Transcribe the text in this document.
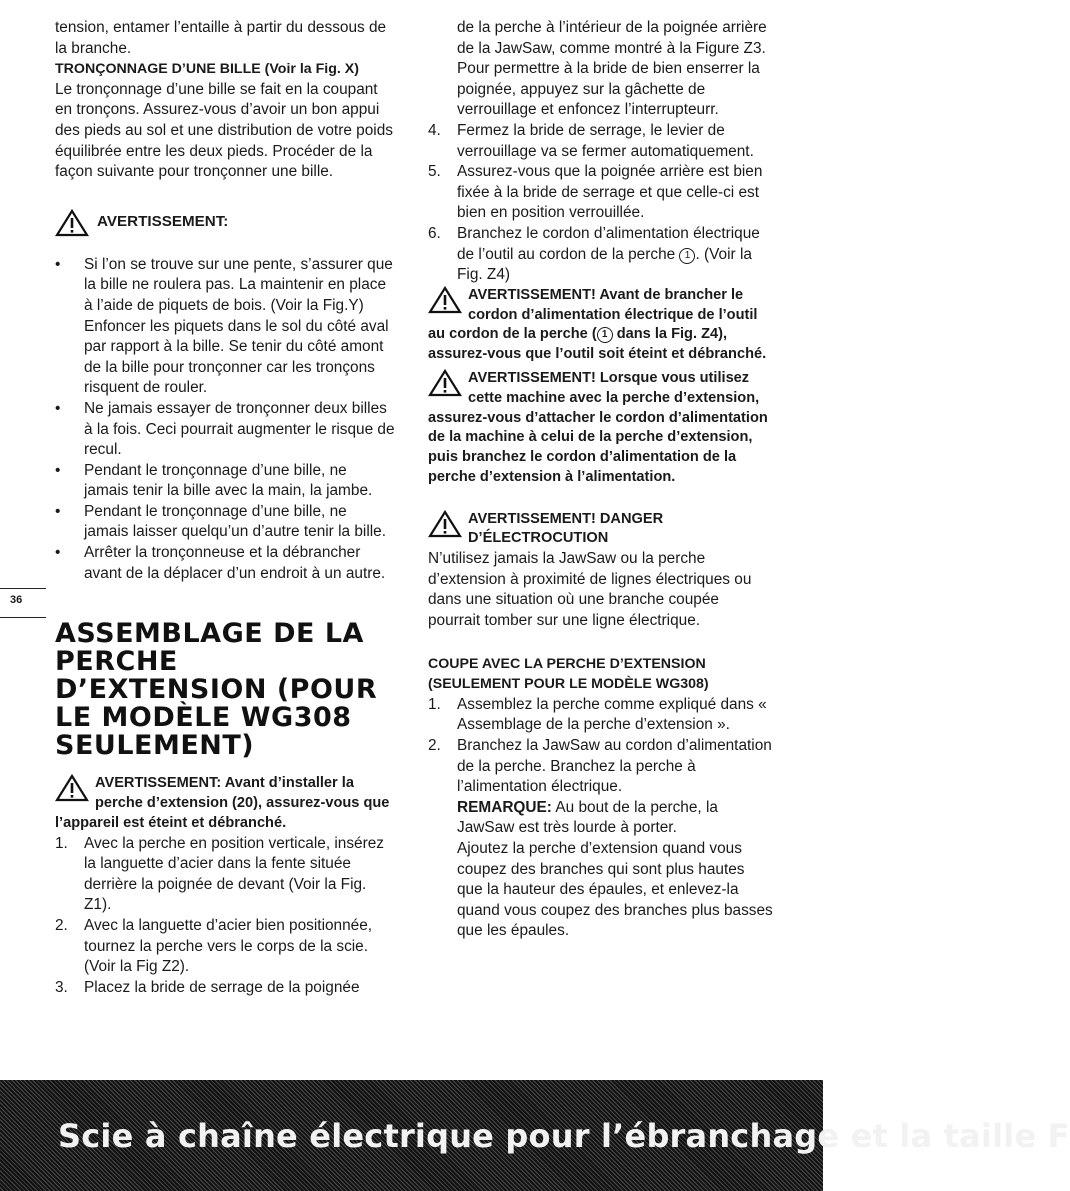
tension, entamer l’entaille à partir du dessous de la branche.

TRONÇONNAGE D’UNE BILLE (Voir la Fig. X)

Le tronçonnage d’une bille se fait en la coupant en tronçons. Assurez-vous d’avoir un bon appui des pieds au sol et une distribution de votre poids équilibrée entre les deux pieds. Procéder de la façon suivante pour tronçonner une bille.

AVERTISSEMENT:
• Si l’on se trouve sur une pente, s’assurer que la bille ne roulera pas. La maintenir en place à l’aide de piquets de bois. (Voir la Fig.Y)

Enfoncer les piquets dans le sol du côté aval par rapport à la bille. Se tenir du côté amont de la bille pour tronçonner car les tronçons risquent de rouler.

• Ne jamais essayer de tronçonner deux billes à la fois. Ceci pourrait augmenter le risque de recul.
• Pendant le tronçonnage d’une bille, ne jamais tenir la bille avec la main, la jambe.
• Pendant le tronçonnage d’une bille, ne jamais laisser quelqu’un d’autre tenir la bille.
• Arrêter la tronçonneuse et la débrancher avant de la déplacer d’un endroit à un autre.
ASSEMBLAGE DE LA PERCHE D’EXTENSION (POUR LE MODÈLE WG308 SEULEMENT)
AVERTISSEMENT: Avant d’installer la perche d’extension (20), assurez-vous que l’appareil est éteint et débranché.
1. Avec la perche en position verticale, insérez la languette d’acier dans la fente située derrière la poignée de devant (Voir la Fig. Z1).
2. Avec la languette d’acier bien positionnée, tournez la perche vers le corps de la scie. (Voir la Fig Z2).
3. Placez la bride de serrage de la poignée
36

de la perche à l’intérieur de la poignée arrière de la JawSaw, comme montré à la Figure Z3. Pour permettre à la bride de bien enserrer la poignée, appuyez sur la gâchette de verrouillage et enfoncez l’interrupteurr.

4. Fermez la bride de serrage, le levier de verrouillage va se fermer automatiquement.
5. Assurez-vous que la poignée arrière est bien fixée à la bride de serrage et que celle-ci est bien en position verrouillée.
6. Branchez le cordon d’alimentation électrique de l’outil au cordon de la perche 1 . (Voir la Fig. Z4)
AVERTISSEMENT! Avant de brancher le cordon d’alimentation électrique de l’outil au cordon de la perche ( 1 dans la Fig. Z4), assurez-vous que l’outil soit éteint et débranché.
AVERTISSEMENT! Lorsque vous utilisez cette machine avec la perche d’extension, assurez-vous d’attacher le cordon d’alimentation de la machine à celui de la perche d’extension, puis branchez le cordon d’alimentation de la perche d’extension à l’alimentation.
AVERTISSEMENT! DANGER D’ÉLECTROCUTION

N’utilisez jamais la JawSaw ou la perche d’extension à proximité de lignes électriques ou dans une situation où une branche coupée pourrait tomber sur une ligne électrique.

COUPE AVEC LA PERCHE D’EXTENSION (SEULEMENT POUR LE MODÈLE WG308)

1. Assemblez la perche comme expliqué dans « Assemblage de la perche d’extension ».
2. Branchez la JawSaw au cordon d’alimentation de la perche. Branchez la perche à l’alimentation électrique.

REMARQUE: Au bout de la perche, la JawSaw est très lourde à porter.

Ajoutez la perche d’extension quand vous coupez des branches qui sont plus hautes que la hauteur des épaules, et enlevez-la quand vous coupez des branches plus basses que les épaules.

Scie à chaîne électrique pour l’ébranchage et la taille F
